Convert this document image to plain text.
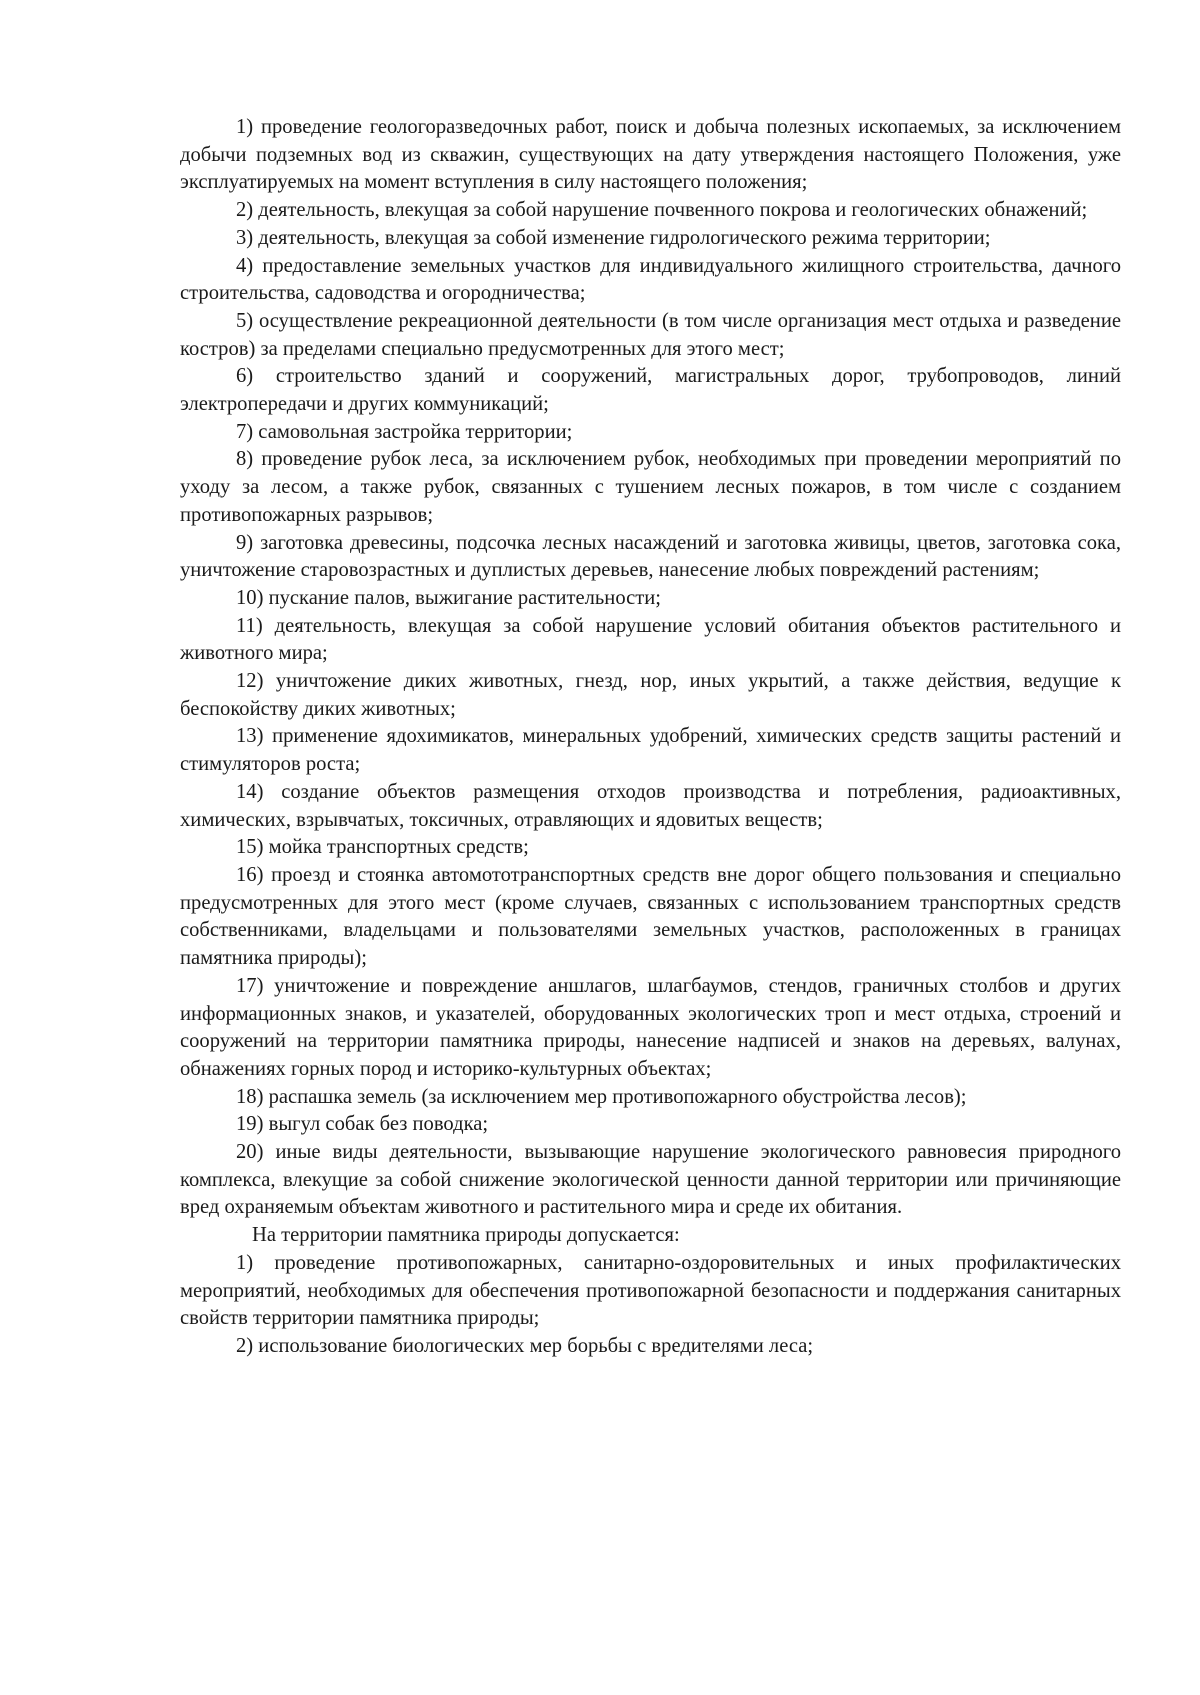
1) проведение геологоразведочных работ, поиск и добыча полезных ископаемых, за исключением добычи подземных вод из скважин, существующих на дату утверждения настоящего Положения, уже эксплуатируемых на момент вступления в силу настоящего положения;

2) деятельность, влекущая за собой нарушение почвенного покрова и геологических обнажений;

3) деятельность, влекущая за собой изменение гидрологического режима территории;

4) предоставление земельных участков для индивидуального жилищного строительства, дачного строительства, садоводства и огородничества;

5) осуществление рекреационной деятельности (в том числе организация мест отдыха и разведение костров) за пределами специально предусмотренных для этого мест;

6) строительство зданий и сооружений, магистральных дорог, трубопроводов, линий электропередачи и других коммуникаций;

7) самовольная застройка территории;

8) проведение рубок леса, за исключением рубок, необходимых при проведении мероприятий по уходу за лесом, а также рубок, связанных с тушением лесных пожаров, в том числе с созданием противопожарных разрывов;

9) заготовка древесины, подсочка лесных насаждений и заготовка живицы, цветов, заготовка сока, уничтожение старовозрастных и дуплистых деревьев, нанесение любых повреждений растениям;

10) пускание палов, выжигание растительности;

11) деятельность, влекущая за собой нарушение условий обитания объектов растительного и животного мира;

12) уничтожение диких животных, гнезд, нор, иных укрытий, а также действия, ведущие к беспокойству диких животных;

13) применение ядохимикатов, минеральных удобрений, химических средств защиты растений и стимуляторов роста;

14) создание объектов размещения отходов производства и потребления, радиоактивных, химических, взрывчатых, токсичных, отравляющих и ядовитых веществ;

15) мойка транспортных средств;

16) проезд и стоянка автомототранспортных средств вне дорог общего пользования и специально предусмотренных для этого мест (кроме случаев, связанных с использованием транспортных средств собственниками, владельцами и пользователями земельных участков, расположенных в границах памятника природы);

17) уничтожение и повреждение аншлагов, шлагбаумов, стендов, граничных столбов и других информационных знаков, и указателей, оборудованных экологических троп и мест отдыха, строений и сооружений на территории памятника природы, нанесение надписей и знаков на деревьях, валунах, обнажениях горных пород и историко-культурных объектах;

18) распашка земель (за исключением мер противопожарного обустройства лесов);

19) выгул собак без поводка;

20) иные виды деятельности, вызывающие нарушение экологического равновесия природного комплекса, влекущие за собой снижение экологической ценности данной территории или причиняющие вред охраняемым объектам животного и растительного мира и среде их обитания.

На территории памятника природы допускается:

1) проведение противопожарных, санитарно-оздоровительных и иных профилактических мероприятий, необходимых для обеспечения противопожарной безопасности и поддержания санитарных свойств территории памятника природы;

2) использование биологических мер борьбы с вредителями леса;
